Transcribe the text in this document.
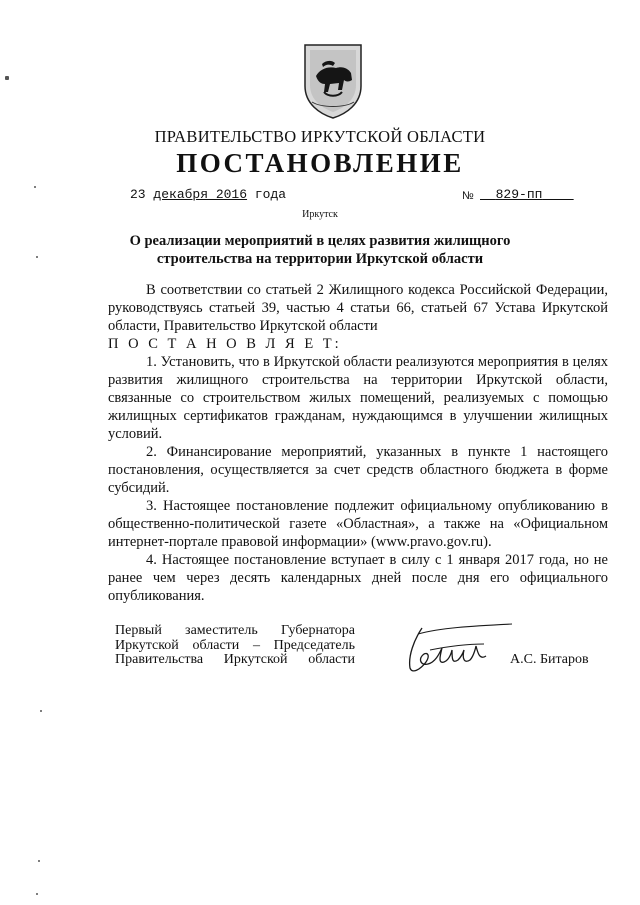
ПРАВИТЕЛЬСТВО ИРКУТСКОЙ ОБЛАСТИ
ПОСТАНОВЛЕНИЕ
23 декабря 2016 года	№	829-пп
Иркутск
О реализации мероприятий в целях развития жилищного строительства на территории Иркутской области

В соответствии со статьей 2 Жилищного кодекса Российской Федерации, руководствуясь статьей 39, частью 4 статьи 66, статьей 67 Устава Иркутской области, Правительство Иркутской области

П О С Т А Н О В Л Я Е Т:

1. Установить, что в Иркутской области реализуются мероприятия в целях развития жилищного строительства на территории Иркутской области, связанные со строительством жилых помещений, реализуемых с помощью жилищных сертификатов гражданам, нуждающимся в улучшении жилищных условий.

2. Финансирование мероприятий, указанных в пункте 1 настоящего постановления, осуществляется за счет средств областного бюджета в форме субсидий.

3. Настоящее постановление подлежит официальному опубликованию в общественно-политической газете «Областная», а также на «Официальном интернет-портале правовой информации» (www.pravo.gov.ru).

4. Настоящее постановление вступает в силу с 1 января 2017 года, но не ранее чем через десять календарных дней после дня его официального опубликования.

Первый заместитель Губернатора
Иркутской области – Председатель
Правительства Иркутской области	А.С. Битаров
